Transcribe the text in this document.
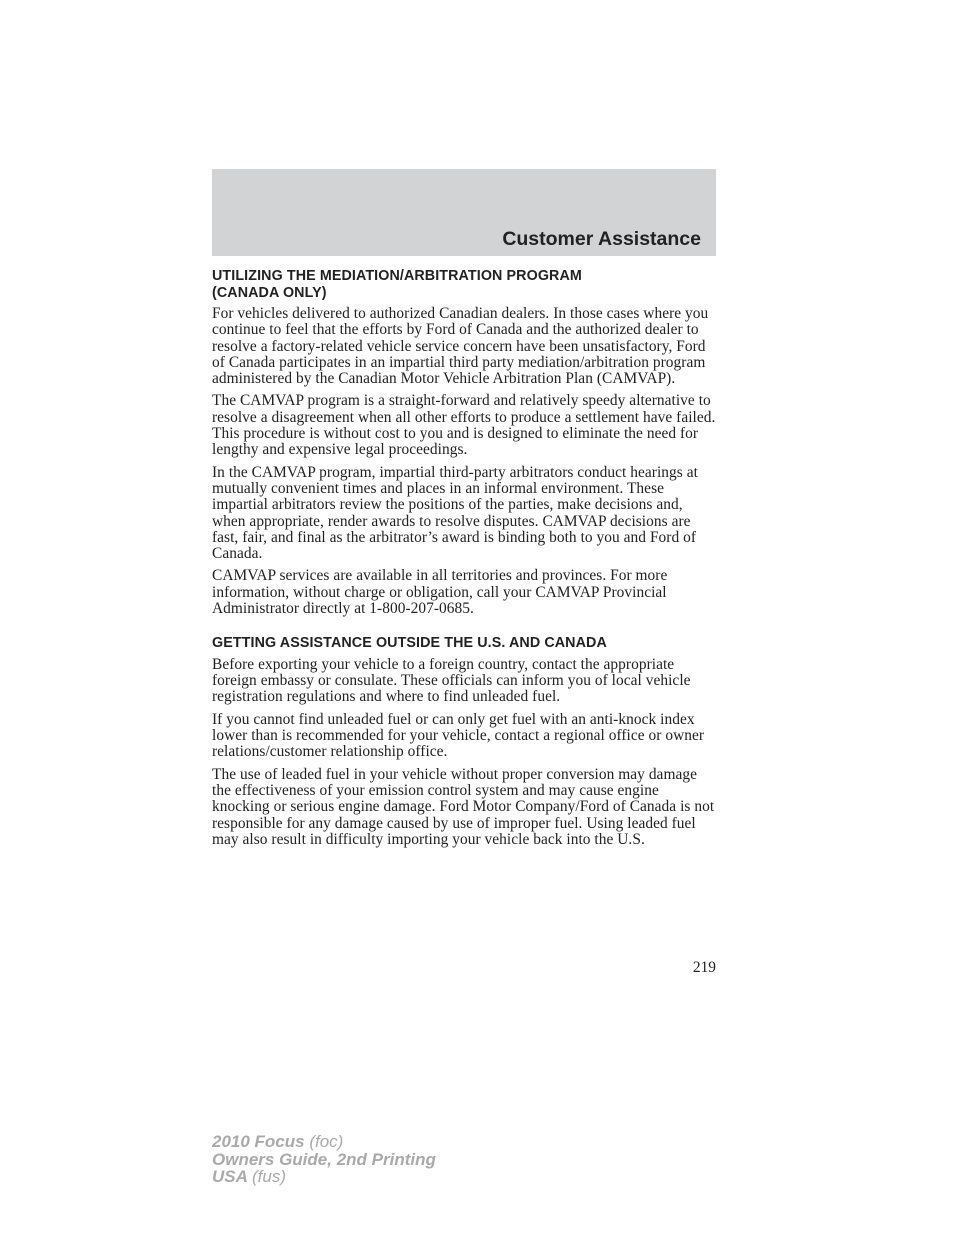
Customer Assistance
UTILIZING THE MEDIATION/ARBITRATION PROGRAM
(CANADA ONLY)

For vehicles delivered to authorized Canadian dealers. In those cases where you continue to feel that the efforts by Ford of Canada and the authorized dealer to resolve a factory-related vehicle service concern have been unsatisfactory, Ford of Canada participates in an impartial third party mediation/arbitration program administered by the Canadian Motor Vehicle Arbitration Plan (CAMVAP).

The CAMVAP program is a straight-forward and relatively speedy alternative to resolve a disagreement when all other efforts to produce a settlement have failed. This procedure is without cost to you and is designed to eliminate the need for lengthy and expensive legal proceedings.

In the CAMVAP program, impartial third-party arbitrators conduct hearings at mutually convenient times and places in an informal environment. These impartial arbitrators review the positions of the parties, make decisions and, when appropriate, render awards to resolve disputes. CAMVAP decisions are fast, fair, and final as the arbitrator’s award is binding both to you and Ford of Canada.

CAMVAP services are available in all territories and provinces. For more information, without charge or obligation, call your CAMVAP Provincial Administrator directly at 1-800-207-0685.

GETTING ASSISTANCE OUTSIDE THE U.S. AND CANADA

Before exporting your vehicle to a foreign country, contact the appropriate foreign embassy or consulate. These officials can inform you of local vehicle registration regulations and where to find unleaded fuel.

If you cannot find unleaded fuel or can only get fuel with an anti-knock index lower than is recommended for your vehicle, contact a regional office or owner relations/customer relationship office.

The use of leaded fuel in your vehicle without proper conversion may damage the effectiveness of your emission control system and may cause engine knocking or serious engine damage. Ford Motor Company/Ford of Canada is not responsible for any damage caused by use of improper fuel. Using leaded fuel may also result in difficulty importing your vehicle back into the U.S.

219
2010 Focus (foc)
Owners Guide, 2nd Printing
USA (fus)
